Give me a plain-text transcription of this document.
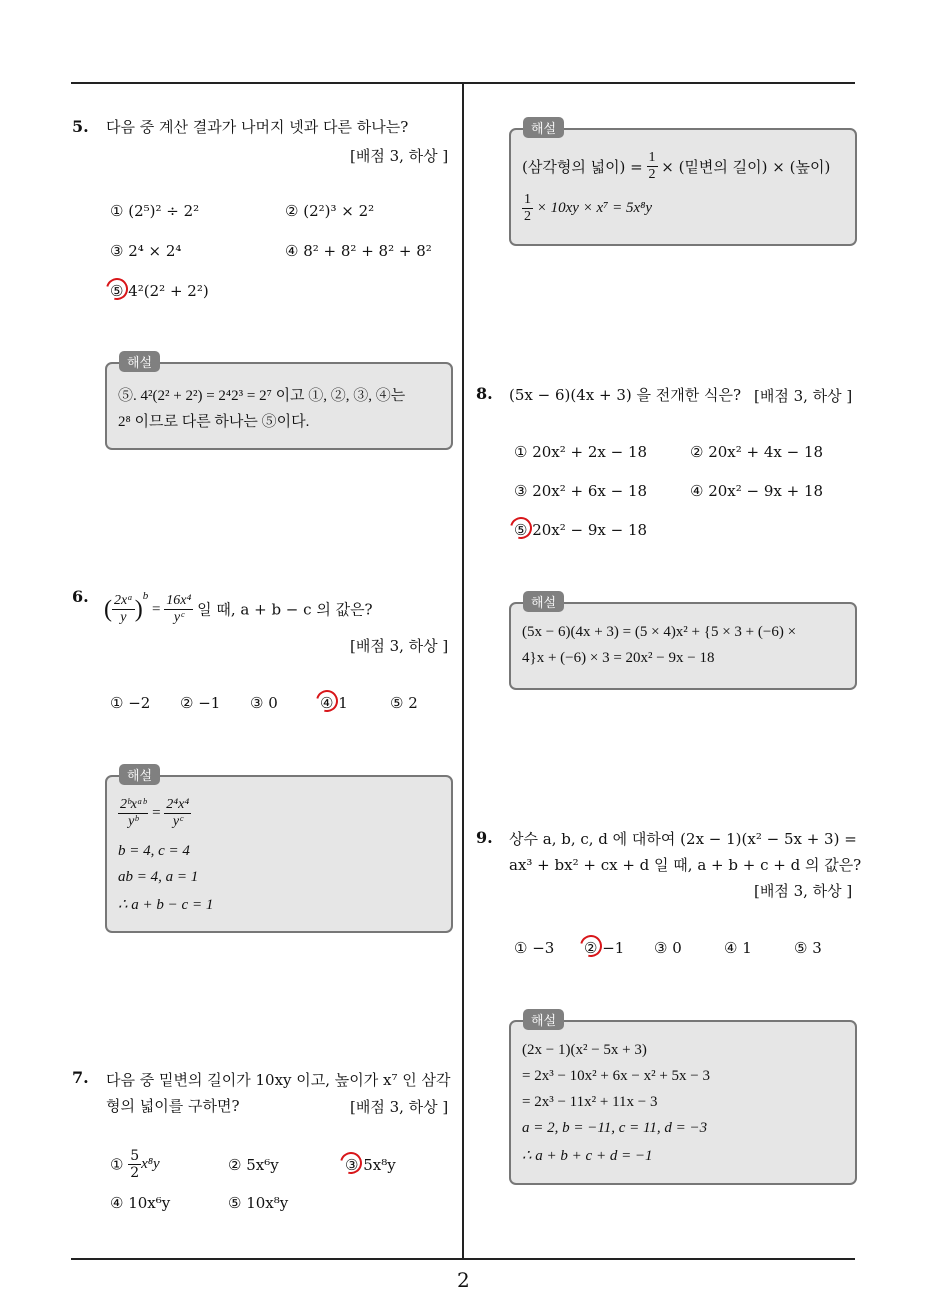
5. 다음 중 계산 결과가 나머지 넷과 다른 하나는?
[배점 3, 하상 ]
① (2⁵)² ÷ 2²	② (2²)³ × 2²
③ 2⁴ × 2⁴	④ 8² + 8² + 8² + 8²
⑤ 4²(2² + 2²)
해설
⑤. 4²(2² + 2²) = 2⁴2³ = 2⁷ 이고 ①, ②, ③, ④는
2⁸ 이므로 다른 하나는 ⑤이다.
6.
( $\frac{\text{2xᵃ}}{y} )^b = \frac{\text{16x⁴}}{\text{yᶜ}}$ 일 때, a + b − c 의 값은?
[배점 3, 하상 ]
① −2 ② −1 ③ 0	④ 1	⑤ 2
해설
$\frac{\text{2ᵇxᵃᵇ}}{\text{yᵇ}} = \frac{\text{2⁴x⁴}}{\text{yᶜ}}$
b = 4, c = 4
ab = 4, a = 1
∴ a + b − c = 1
7. 다음 중 밑변의 길이가 10xy 이고, 높이가 x⁷ 인 삼각
형의 넓이를 구하면?	[배점 3, 하상 ]
① $\frac{5}{2} x^8y$	② 5x⁶y	③ 5x⁸y
④ 10x⁶y	⑤ 10x⁸y
해설
(삼각형의 넓이) = $\frac{1}{2}$ × (밑변의 길이) × (높이)
$\frac{1}{2} \times 10xy \times x^7 = 5x^8y$
8. (5x − 6)(4x + 3) 을 전개한 식은? [배점 3, 하상 ]
① 20x² + 2x − 18	② 20x² + 4x − 18
③ 20x² + 6x − 18	④ 20x² − 9x + 18
⑤ 20x² − 9x − 18
해설
(5x − 6)(4x + 3) = (5 × 4)x² + {5 × 3 + (−6) ×
4}x + (−6) × 3 = 20x² − 9x − 18
9. 상수 a, b, c, d 에 대하여 (2x − 1)(x² − 5x + 3) =
ax³ + bx² + cx + d 일 때, a + b + c + d 의 값은?
[배점 3, 하상 ]
① −3 ② −1 ③ 0	④ 1	⑤ 3
해설
(2x − 1)(x² − 5x + 3)
= 2x³ − 10x² + 6x − x² + 5x − 3
= 2x³ − 11x² + 11x − 3
a = 2, b = −11, c = 11, d = −3
∴ a + b + c + d = −1
2
